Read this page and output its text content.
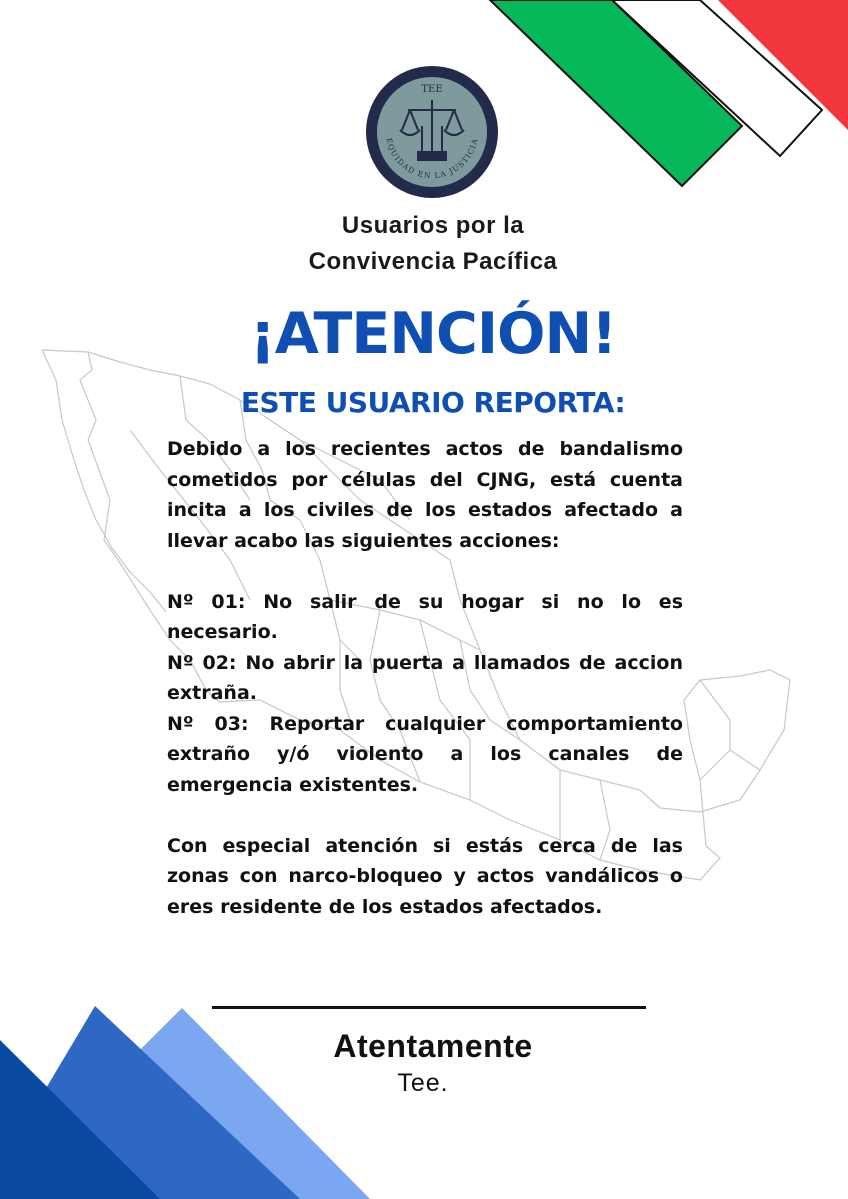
TEE
EQUIDAD EN LA JUSTICIA
Usuarios por la
Convivencia Pacífica
¡ATENCIÓN!
ESTE USUARIO REPORTA:

Debido a los recientes actos de bandalismo cometidos por células del CJNG, está cuenta incita a los civiles de los estados afectado a llevar acabo las siguientes acciones:

Nº 01: No salir de su hogar si no lo es necesario.

Nº 02: No abrir la puerta a llamados de accion extraña.

Nº 03: Reportar cualquier comportamiento extraño y/ó violento a los canales de emergencia existentes.

Con especial atención si estás cerca de las zonas con narco-bloqueo y actos vandálicos o eres residente de los estados afectados.

Atentamente
Tee.
